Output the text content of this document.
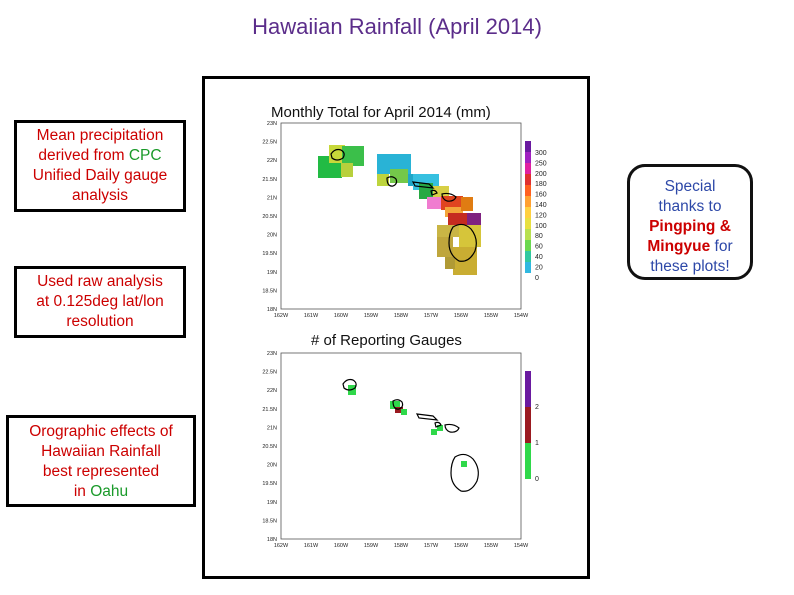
Hawaiian Rainfall (April 2014)
Mean precipitation
derived from CPC
Unified Daily gauge
analysis
Used raw analysis
at 0.125deg lat/lon
resolution
Orographic effects of
Hawaiian Rainfall
best represented
in Oahu
Special
thanks to
Pingping &
Mingyue for
these plots!
Monthly Total for April 2014 (mm)
23N
22.5N
22N
21.5N
21N
20.5N
20N
19.5N
19N
18.5N
18N
162W	161W	160W	159W	158W	157W	156W	155W	154W
300
250
200
180
160
140
120
100
80
60
40
20
0
# of Reporting Gauges
23N
22.5N
22N
21.5N
21N
20.5N
20N
19.5N
19N
18.5N
18N
162W	161W	160W	159W	158W	157W	156W	155W	154W
2
1
0
